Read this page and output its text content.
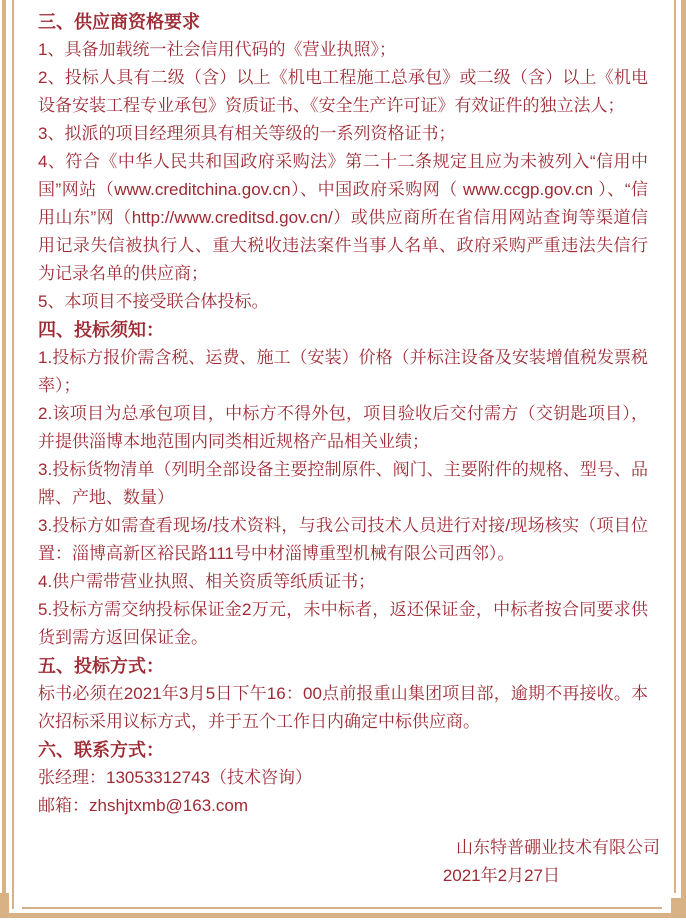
三、供应商资格要求

1、具备加载统一社会信用代码的《营业执照》；

2、投标人具有二级（含）以上《机电工程施工总承包》或二级（含）以上《机电设备安装工程专业承包》资质证书、《安全生产许可证》有效证件的独立法人；

3、拟派的项目经理须具有相关等级的一系列资格证书；

4、符合《中华人民共和国政府采购法》第二十二条规定且应为未被列入“信用中国”网站（www.creditchina.gov.cn）、中国政府采购网（ www.ccgp.gov.cn ）、“信用山东”网（http://www.creditsd.gov.cn/）或供应商所在省信用网站查询等渠道信用记录失信被执行人、重大税收违法案件当事人名单、政府采购严重违法失信行为记录名单的供应商；

5、本项目不接受联合体投标。

四、投标须知：

1.投标方报价需含税、运费、施工（安装）价格（并标注设备及安装增值税发票税率）；

2.该项目为总承包项目，中标方不得外包，项目验收后交付需方（交钥匙项目），并提供淄博本地范围内同类相近规格产品相关业绩；

3.投标货物清单（列明全部设备主要控制原件、阀门、主要附件的规格、型号、品牌、产地、数量）

3.投标方如需查看现场/技术资料，与我公司技术人员进行对接/现场核实（项目位置：淄博高新区裕民路111号中材淄博重型机械有限公司西邻）。

4.供户需带营业执照、相关资质等纸质证书；

5.投标方需交纳投标保证金2万元，未中标者，返还保证金，中标者按合同要求供货到需方返回保证金。

五、投标方式：

标书必须在2021年3月5日下午16：00点前报重山集团项目部，逾期不再接收。本次招标采用议标方式，并于五个工作日内确定中标供应商。

六、联系方式：

张经理：13053312743（技术咨询）

邮箱：zhshjtxmb@163.com

山东特普硼业技术有限公司
2021年2月27日
